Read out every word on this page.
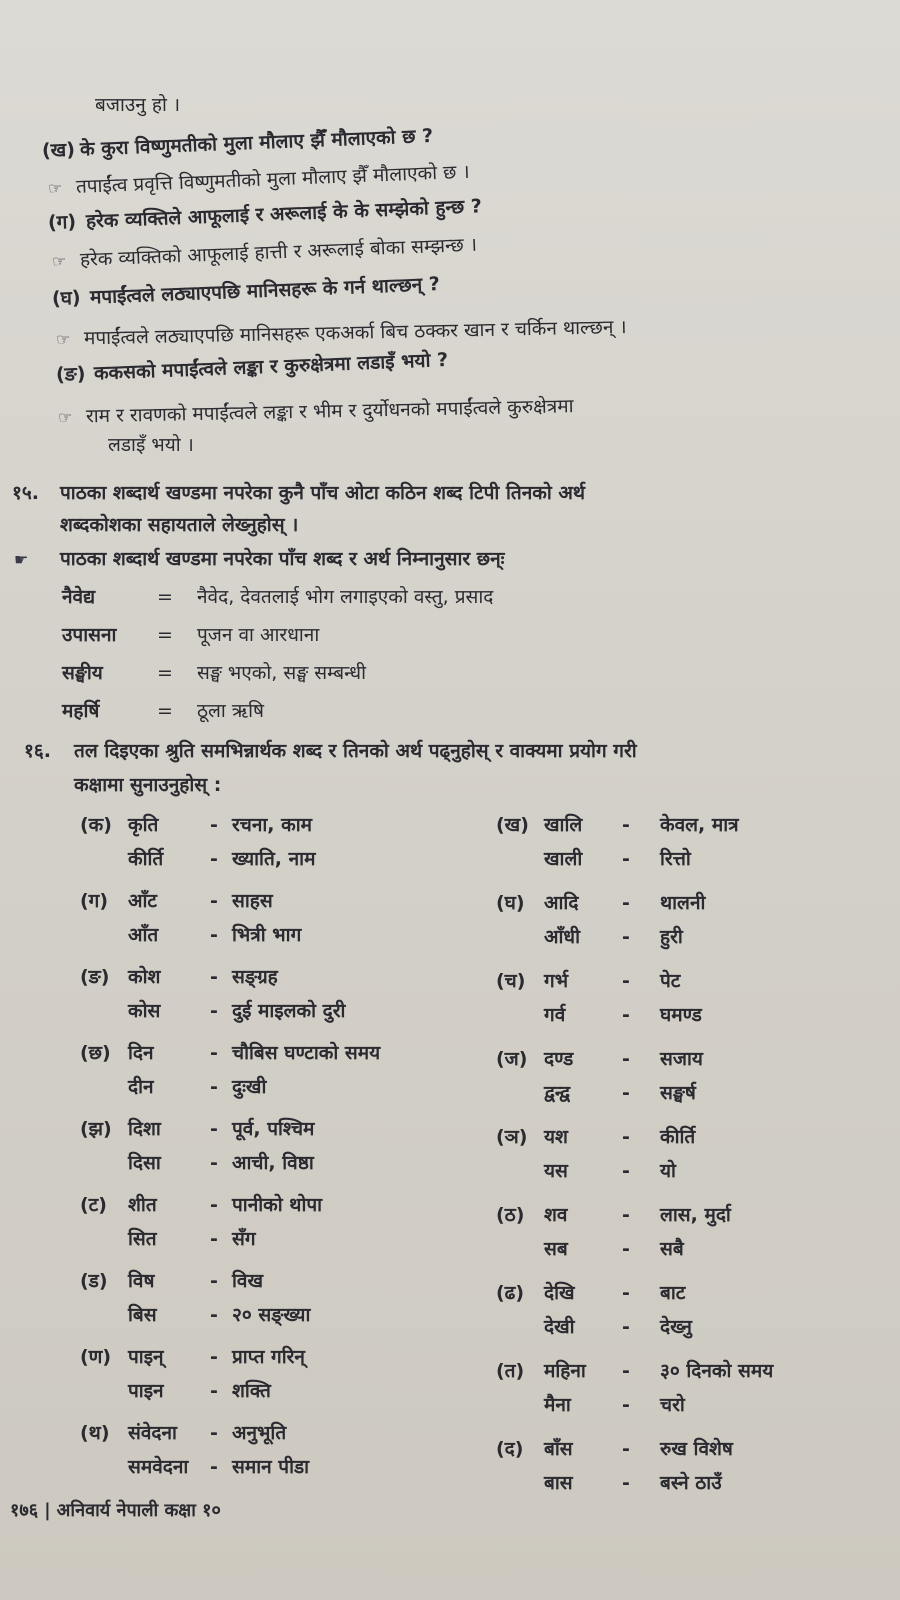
बजाउनु हो ।
(ख) के कुरा विष्णुमतीको मुला मौलाए झैँ मौलाएको छ ?
☞ तपाईंत्व प्रवृत्ति विष्णुमतीको मुला मौलाए झैँ मौलाएको छ ।
(ग) हरेक व्यक्तिले आफूलाई र अरूलाई के के सम्झेको हुन्छ ?
☞ हरेक व्यक्तिको आफूलाई हात्ती र अरूलाई बोका सम्झन्छ ।
(घ) मपाईंत्वले लठ्याएपछि मानिसहरू के गर्न थाल्छन् ?
☞ मपाईंत्वले लठ्याएपछि मानिसहरू एकअर्का बिच ठक्कर खान र चर्किन थाल्छन् ।
(ङ) ककसको मपाईंत्वले लङ्का र कुरुक्षेत्रमा लडाइँ भयो ?
☞ राम र रावणको मपाईंत्वले लङ्का र भीम र दुर्योधनको मपाईंत्वले कुरुक्षेत्रमा
लडाइँ भयो ।
१५. पाठका शब्दार्थ खण्डमा नपरेका कुनै पाँच ओटा कठिन शब्द टिपी तिनको अर्थ
शब्दकोशका सहायताले लेख्नुहोस् ।
☛ पाठका शब्दार्थ खण्डमा नपरेका पाँच शब्द र अर्थ निम्नानुसार छन्ः
नैवेद्य	= नैवेद, देवतलाई भोग लगाइएको वस्तु, प्रसाद
उपासना = पूजन वा आरधाना
सङ्घीय	= सङ्घ भएको, सङ्घ सम्बन्धी
महर्षि	= ठूला ऋषि
१६. तल दिइएका श्रुति समभिन्नार्थक शब्द र तिनको अर्थ पढ्नुहोस् र वाक्यमा प्रयोग गरी
कक्षामा सुनाउनुहोस् :
(क) कृति	- रचना, काम
कीर्ति - ख्याति, नाम
(ग) आँट	- साहस
आँत	- भित्री भाग
(ङ) कोश	- सङ्ग्रह
कोस	- दुई माइलको दुरी
(छ) दिन	- चौबिस घण्टाको समय
दीन	- दुःखी
(झ) दिशा	- पूर्व, पश्चिम
दिसा	- आची, विष्ठा
(ट) शीत	- पानीको थोपा
सित	- सँग
(ड) विष	- विख
बिस	- २० सङ्ख्या
(ण) पाइन् - प्राप्त गरिन्
पाइन - शक्ति
(थ) संवेदना - अनुभूति
समवेदना - समान पीडा
(ख) खालि - केवल, मात्र
खाली - रित्तो
(घ) आदि - थालनी
आँधी - हुरी
(च) गर्भ	- पेट
गर्व	- घमण्ड
(ज) दण्ड	- सजाय
द्वन्द्व	- सङ्घर्ष
(ञ) यश	- कीर्ति
यस	- यो
(ठ) शव	- लास, मुर्दा
सब	- सबै
(ढ) देखि - बाट
देखी - देख्नु
(त) महिना - ३० दिनको समय
मैना	- चरो
(द) बाँस	- रुख विशेष
बास	- बस्ने ठाउँ
१७६ | अनिवार्य नेपाली कक्षा १०
